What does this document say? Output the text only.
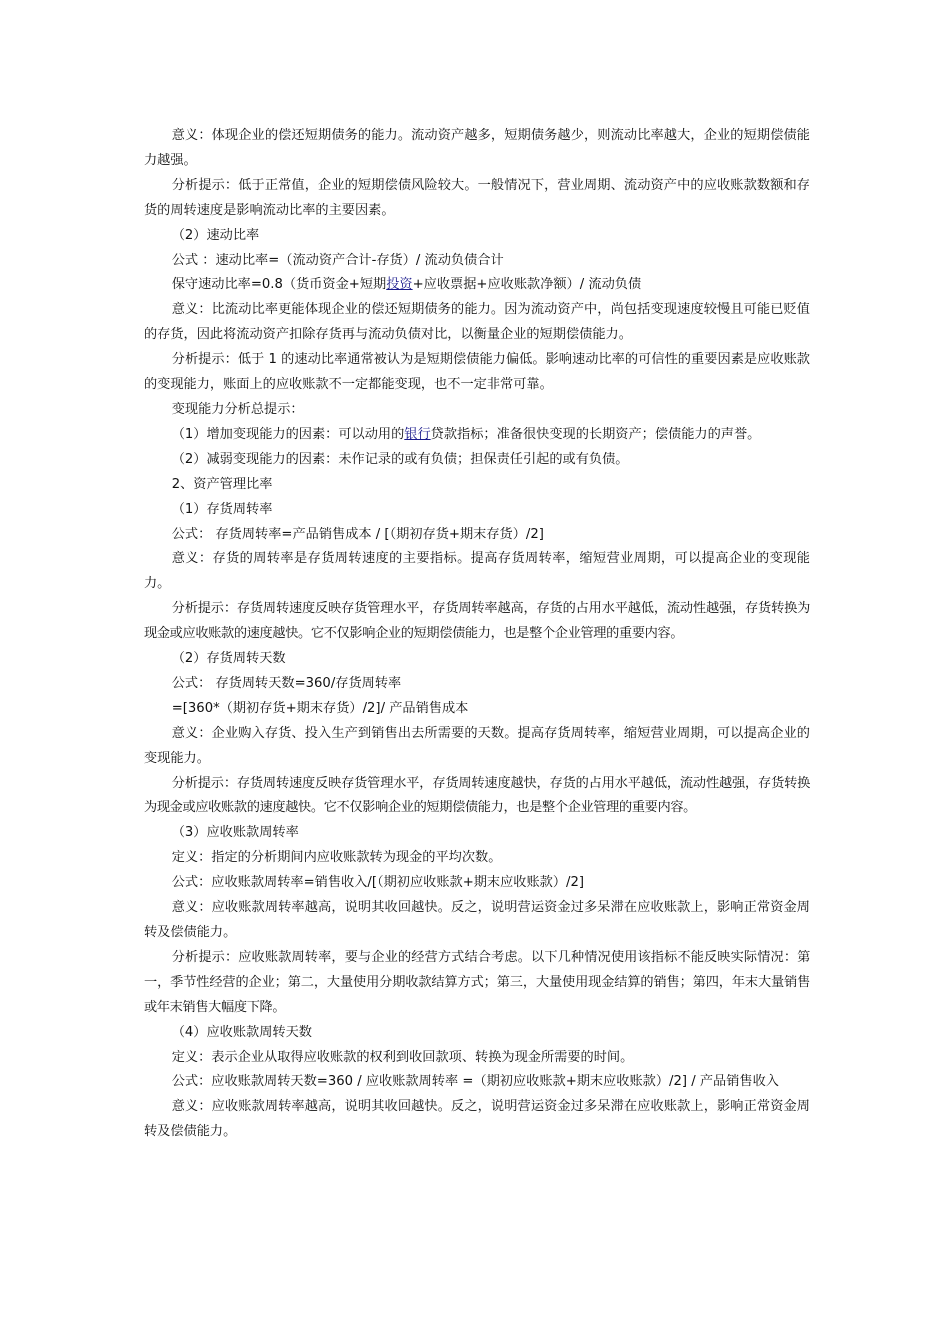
意义：体现企业的偿还短期债务的能力。流动资产越多，短期债务越少，则流动比率越大，企业的短期偿债能力越强。

分析提示：低于正常值，企业的短期偿债风险较大。一般情况下，营业周期、流动资产中的应收账款数额和存货的周转速度是影响流动比率的主要因素。

（2）速动比率

公式 ：速动比率=（流动资产合计-存货）/ 流动负债合计

保守速动比率=0.8（货币资金+短期投资+应收票据+应收账款净额）/ 流动负债

意义：比流动比率更能体现企业的偿还短期债务的能力。因为流动资产中，尚包括变现速度较慢且可能已贬值的存货，因此将流动资产扣除存货再与流动负债对比，以衡量企业的短期偿债能力。

分析提示：低于 1 的速动比率通常被认为是短期偿债能力偏低。影响速动比率的可信性的重要因素是应收账款的变现能力，账面上的应收账款不一定都能变现，也不一定非常可靠。

变现能力分析总提示：

（1）增加变现能力的因素：可以动用的银行贷款指标；准备很快变现的长期资产；偿债能力的声誉。

（2）减弱变现能力的因素：未作记录的或有负债；担保责任引起的或有负债。

2、资产管理比率

（1）存货周转率

公式： 存货周转率=产品销售成本 / [（期初存货+期末存货）/2]

意义：存货的周转率是存货周转速度的主要指标。提高存货周转率，缩短营业周期，可以提高企业的变现能力。

分析提示：存货周转速度反映存货管理水平，存货周转率越高，存货的占用水平越低，流动性越强，存货转换为现金或应收账款的速度越快。它不仅影响企业的短期偿债能力，也是整个企业管理的重要内容。

（2）存货周转天数

公式： 存货周转天数=360/存货周转率

=[360*（期初存货+期末存货）/2]/ 产品销售成本

意义：企业购入存货、投入生产到销售出去所需要的天数。提高存货周转率，缩短营业周期，可以提高企业的变现能力。

分析提示：存货周转速度反映存货管理水平，存货周转速度越快，存货的占用水平越低，流动性越强，存货转换为现金或应收账款的速度越快。它不仅影响企业的短期偿债能力，也是整个企业管理的重要内容。

（3）应收账款周转率

定义：指定的分析期间内应收账款转为现金的平均次数。

公式：应收账款周转率=销售收入/[（期初应收账款+期末应收账款）/2]

意义：应收账款周转率越高，说明其收回越快。反之，说明营运资金过多呆滞在应收账款上，影响正常资金周转及偿债能力。

分析提示：应收账款周转率，要与企业的经营方式结合考虑。以下几种情况使用该指标不能反映实际情况：第一，季节性经营的企业；第二，大量使用分期收款结算方式；第三，大量使用现金结算的销售；第四，年末大量销售或年末销售大幅度下降。

（4）应收账款周转天数

定义：表示企业从取得应收账款的权利到收回款项、转换为现金所需要的时间。

公式：应收账款周转天数=360 / 应收账款周转率 =（期初应收账款+期末应收账款）/2] / 产品销售收入

意义：应收账款周转率越高，说明其收回越快。反之，说明营运资金过多呆滞在应收账款上，影响正常资金周转及偿债能力。
